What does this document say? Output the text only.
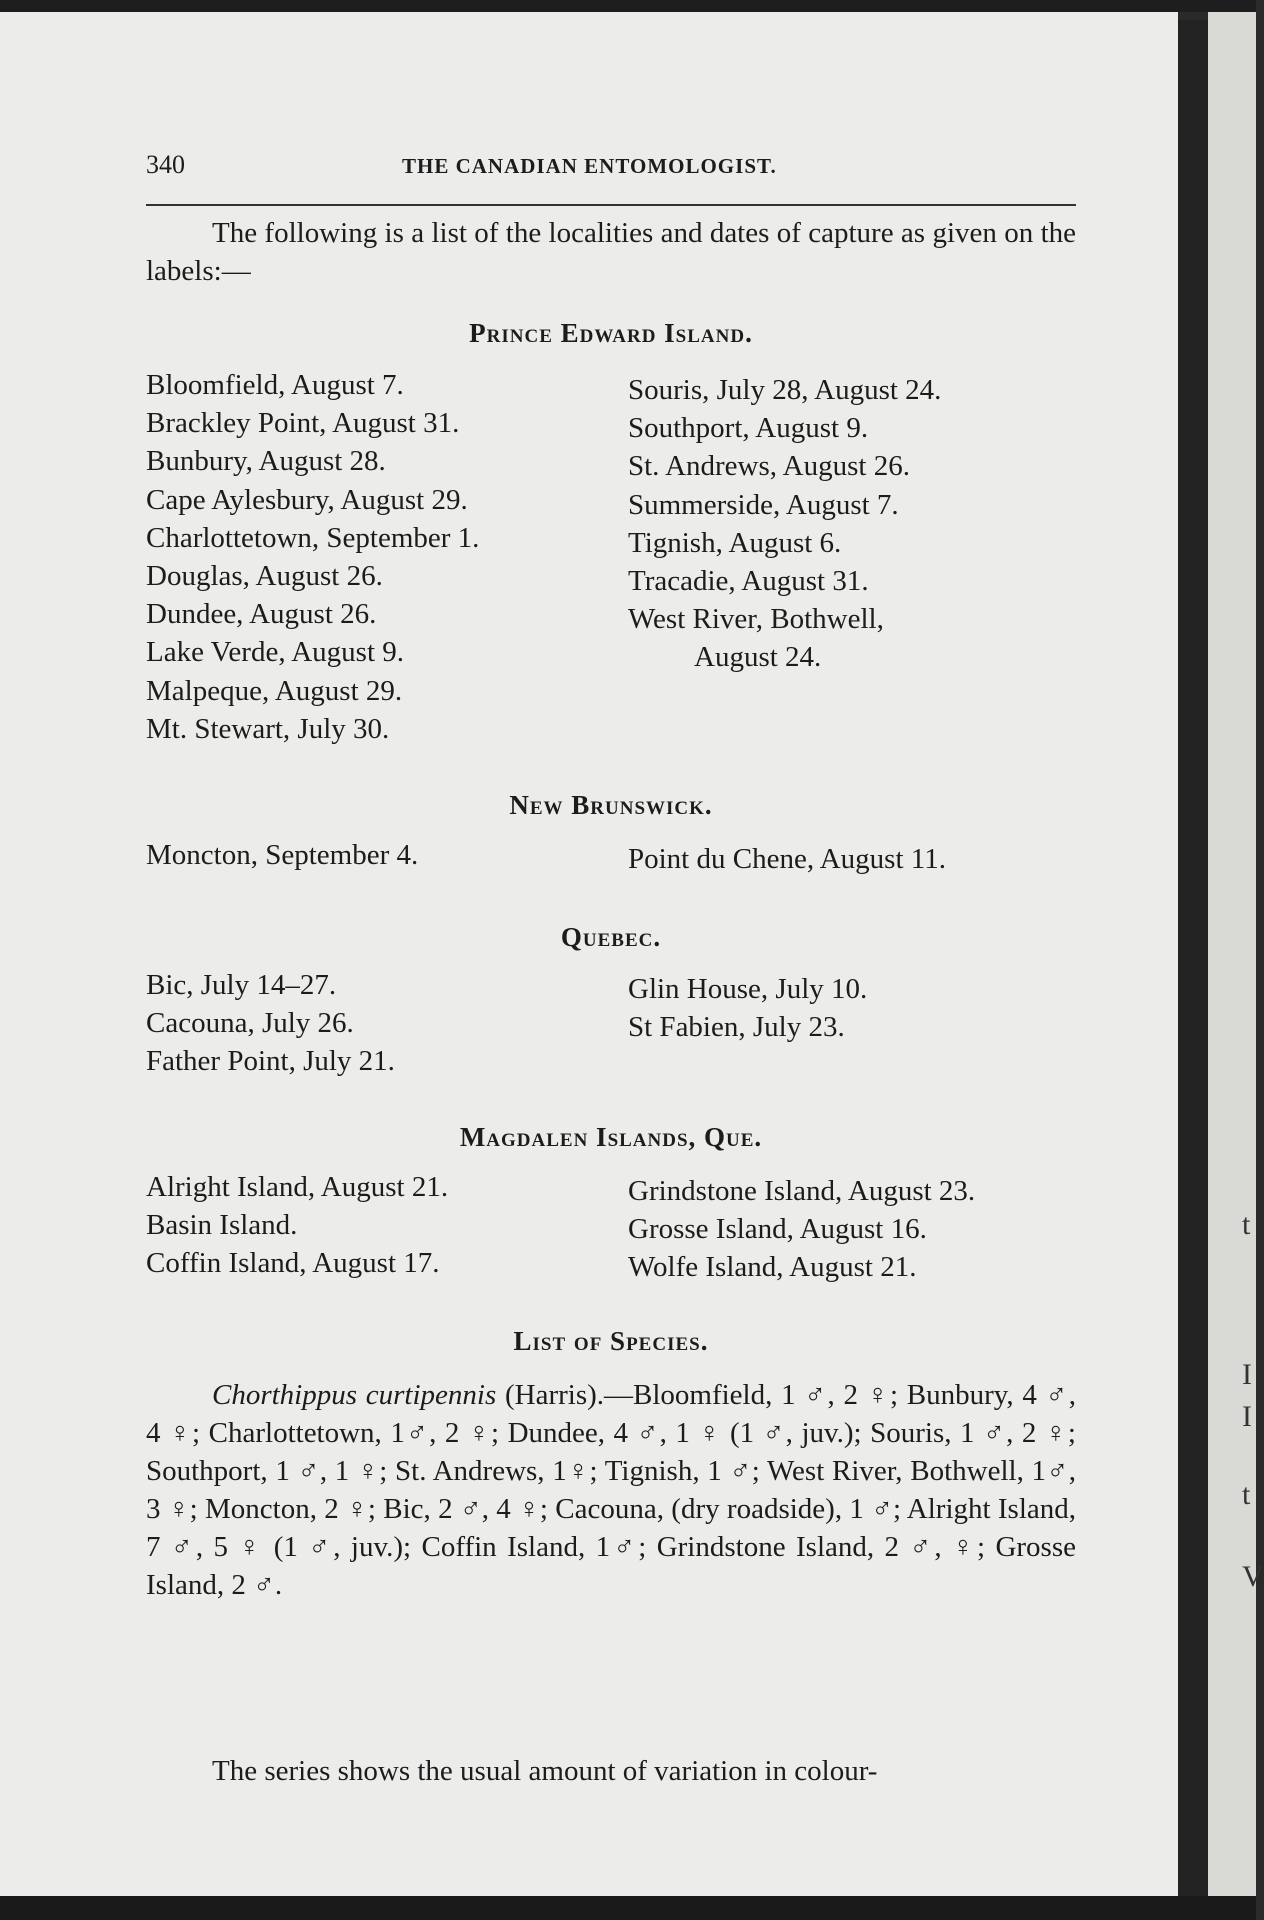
t
I
I
t
V
340	THE CANADIAN ENTOMOLOGIST.

The following is a list of the localities and dates of capture as given on the labels:—

Prince Edward Island.
Bloomfield, August 7.
Brackley Point, August 31.
Bunbury, August 28.
Cape Aylesbury, August 29.
Charlottetown, September 1.
Douglas, August 26.
Dundee, August 26.
Lake Verde, August 9.
Malpeque, August 29.
Mt. Stewart, July 30.
Souris, July 28, August 24.
Southport, August 9.
St. Andrews, August 26.
Summerside, August 7.
Tignish, August 6.
Tracadie, August 31.
West River, Bothwell,
August 24.
New Brunswick.
Moncton, September 4.	Point du Chene, August 11.
Quebec.
Bic, July 14–27.
Cacouna, July 26.
Father Point, July 21.
Glin House, July 10.
St Fabien, July 23.
Magdalen Islands, Que.
Alright Island, August 21.
Basin Island.
Coffin Island, August 17.
Grindstone Island, August 23.
Grosse Island, August 16.
Wolfe Island, August 21.
List of Species.

Chorthippus curtipennis (Harris).—Bloomfield, 1 ♂, 2 ♀; Bunbury, 4 ♂, 4 ♀; Charlottetown, 1♂, 2 ♀; Dundee, 4 ♂, 1 ♀ (1 ♂, juv.); Souris, 1 ♂, 2 ♀; Southport, 1 ♂, 1 ♀; St. Andrews, 1♀; Tignish, 1 ♂; West River, Bothwell, 1♂, 3 ♀; Moncton, 2 ♀; Bic, 2 ♂, 4 ♀; Cacouna, (dry roadside), 1 ♂; Alright Island, 7 ♂, 5 ♀ (1 ♂, juv.); Coffin Island, 1♂; Grindstone Island, 2 ♂, ♀; Grosse Island, 2 ♂.

The series shows the usual amount of variation in colour-
